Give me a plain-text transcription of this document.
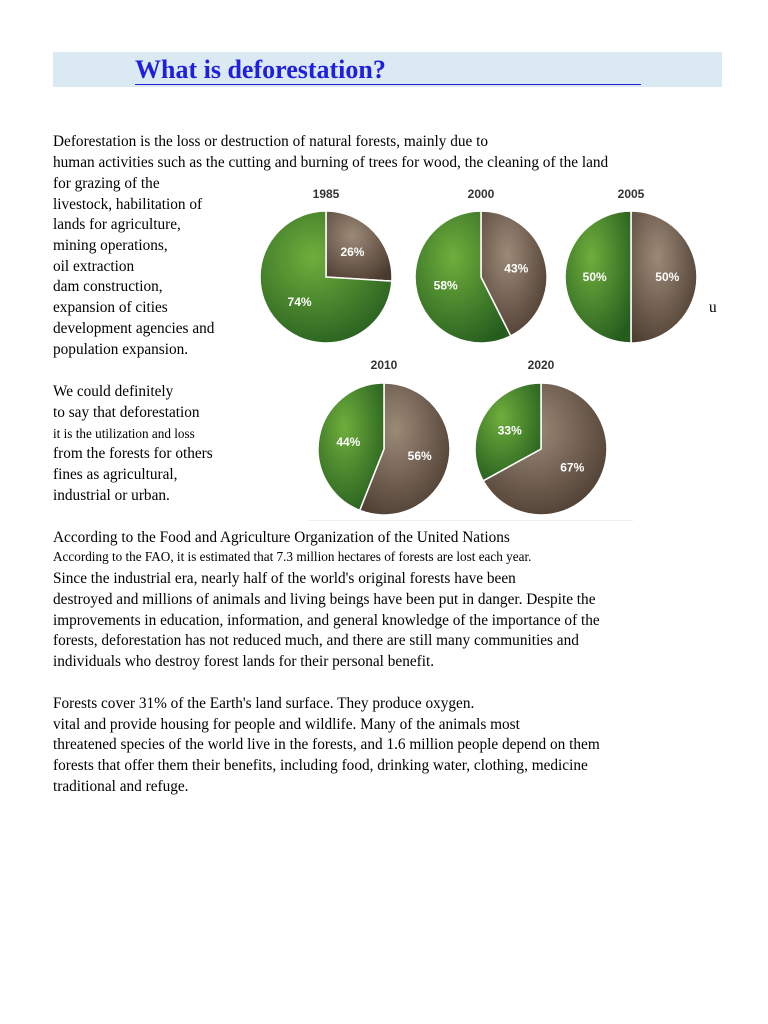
What is deforestation?
Deforestation is the loss or destruction of natural forests, mainly due to
human activities such as the cutting and burning of trees for wood, the cleaning of the land
for grazing of the
livestock, habilitation of
lands for agriculture,
mining operations,
oil extraction
dam construction,
expansion of cities
development agencies and
population expansion.
u
We could definitely
to say that deforestation
it is the utilization and loss
from the forests for others
fines as agricultural,
industrial or urban.
According to the Food and Agriculture Organization of the United Nations
According to the FAO, it is estimated that 7.3 million hectares of forests are lost each year.
Since the industrial era, nearly half of the world's original forests have been
destroyed and millions of animals and living beings have been put in danger. Despite the
improvements in education, information, and general knowledge of the importance of the
forests, deforestation has not reduced much, and there are still many communities and
individuals who destroy forest lands for their personal benefit.
Forests cover 31% of the Earth's land surface. They produce oxygen.
vital and provide housing for people and wildlife. Many of the animals most
threatened species of the world live in the forests, and 1.6 million people depend on them
forests that offer them their benefits, including food, drinking water, clothing, medicine
traditional and refuge.
1985
26%
74%
2000
43%
58%
2005
50%
50%
2010
56%
44%
2020
67%
33%
